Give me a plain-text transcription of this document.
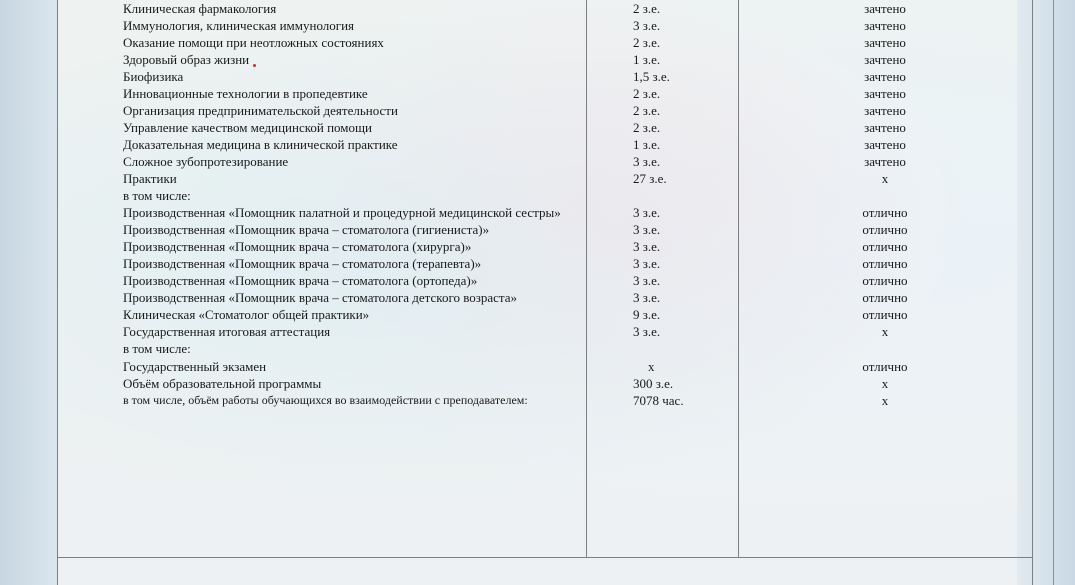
Клиническая фармакология	2 з.е.	зачтено
Иммунология, клиническая иммунология	3 з.е.	зачтено
Оказание помощи при неотложных состояниях	2 з.е.	зачтено
Здоровый образ жизни	1 з.е.	зачтено
Биофизика	1,5 з.е.	зачтено
Инновационные технологии в пропедевтике	2 з.е.	зачтено
Организация предпринимательской деятельности	2 з.е.	зачтено
Управление качеством медицинской помощи	2 з.е.	зачтено
Доказательная медицина в клинической практике	1 з.е.	зачтено
Сложное зубопротезирование	3 з.е.	зачтено
Практики	27 з.е.	х
в том числе:
Производственная «Помощник палатной и процедурной медицинской сестры»	3 з.е.	отлично
Производственная «Помощник врача – стоматолога (гигиениста)»	3 з.е.	отлично
Производственная «Помощник врача – стоматолога (хирурга)»	3 з.е.	отлично
Производственная «Помощник врача – стоматолога (терапевта)»	3 з.е.	отлично
Производственная «Помощник врача – стоматолога (ортопеда)»	3 з.е.	отлично
Производственная «Помощник врача – стоматолога детского возраста»	3 з.е.	отлично
Клиническая «Стоматолог общей практики»	9 з.е.	отлично
Государственная итоговая аттестация	3 з.е.	х
в том числе:
Государственный экзамен	х	отлично
Объём образовательной программы	300 з.е.	х
в том числе, объём работы обучающихся во взаимодействии с преподавателем:	7078 час.	х
